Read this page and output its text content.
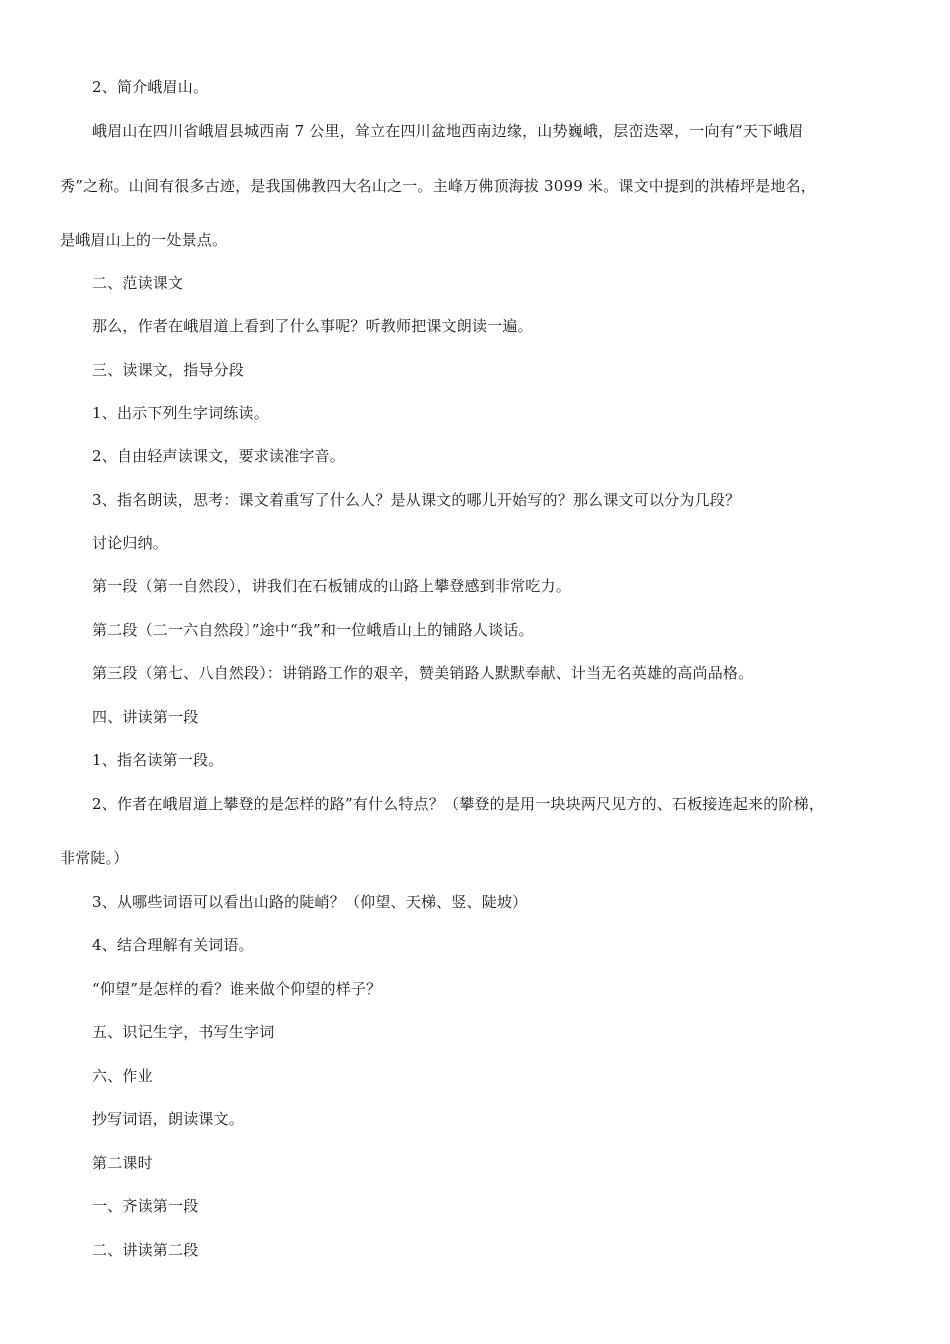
2、简介峨眉山。
峨眉山在四川省峨眉县城西南 7 公里，耸立在四川盆地西南边缘，山势巍峨，层峦迭翠，一向有“天下峨眉
秀”之称。山间有很多古迹，是我国佛教四大名山之一。主峰万佛顶海拔 3099 米。课文中提到的洪椿坪是地名，
是峨眉山上的一处景点。
二、范读课文
那么，作者在峨眉道上看到了什么事呢？听教师把课文朗读一遍。
三、读课文，指导分段
1、出示下列生字词练读。
2、自由轻声读课文，要求读准字音。
3、指名朗读，思考：课文着重写了什么人？是从课文的哪儿开始写的？那么课文可以分为几段？
讨论归纳。
第一段（第一自然段），讲我们在石板铺成的山路上攀登感到非常吃力。
第二段（二一六自然段〕”途中“我”和一位峨盾山上的铺路人谈话。
第三段（第七、八自然段）：讲销路工作的艰辛，赞美销路人默默奉献、计当无名英雄的高尚品格。
四、讲读第一段
1、指名读第一段。
2、作者在峨眉道上攀登的是怎样的路”有什么特点？（攀登的是用一块块两尺见方的、石板接连起来的阶梯，
非常陡。）
3、从哪些词语可以看出山路的陡峭？（仰望、天梯、竖、陡坡）
4、结合理解有关词语。
“仰望”是怎样的看？谁来做个仰望的样子？
五、识记生字，书写生字词
六、作业
抄写词语，朗读课文。
第二课时
一、齐读第一段
二、讲读第二段
